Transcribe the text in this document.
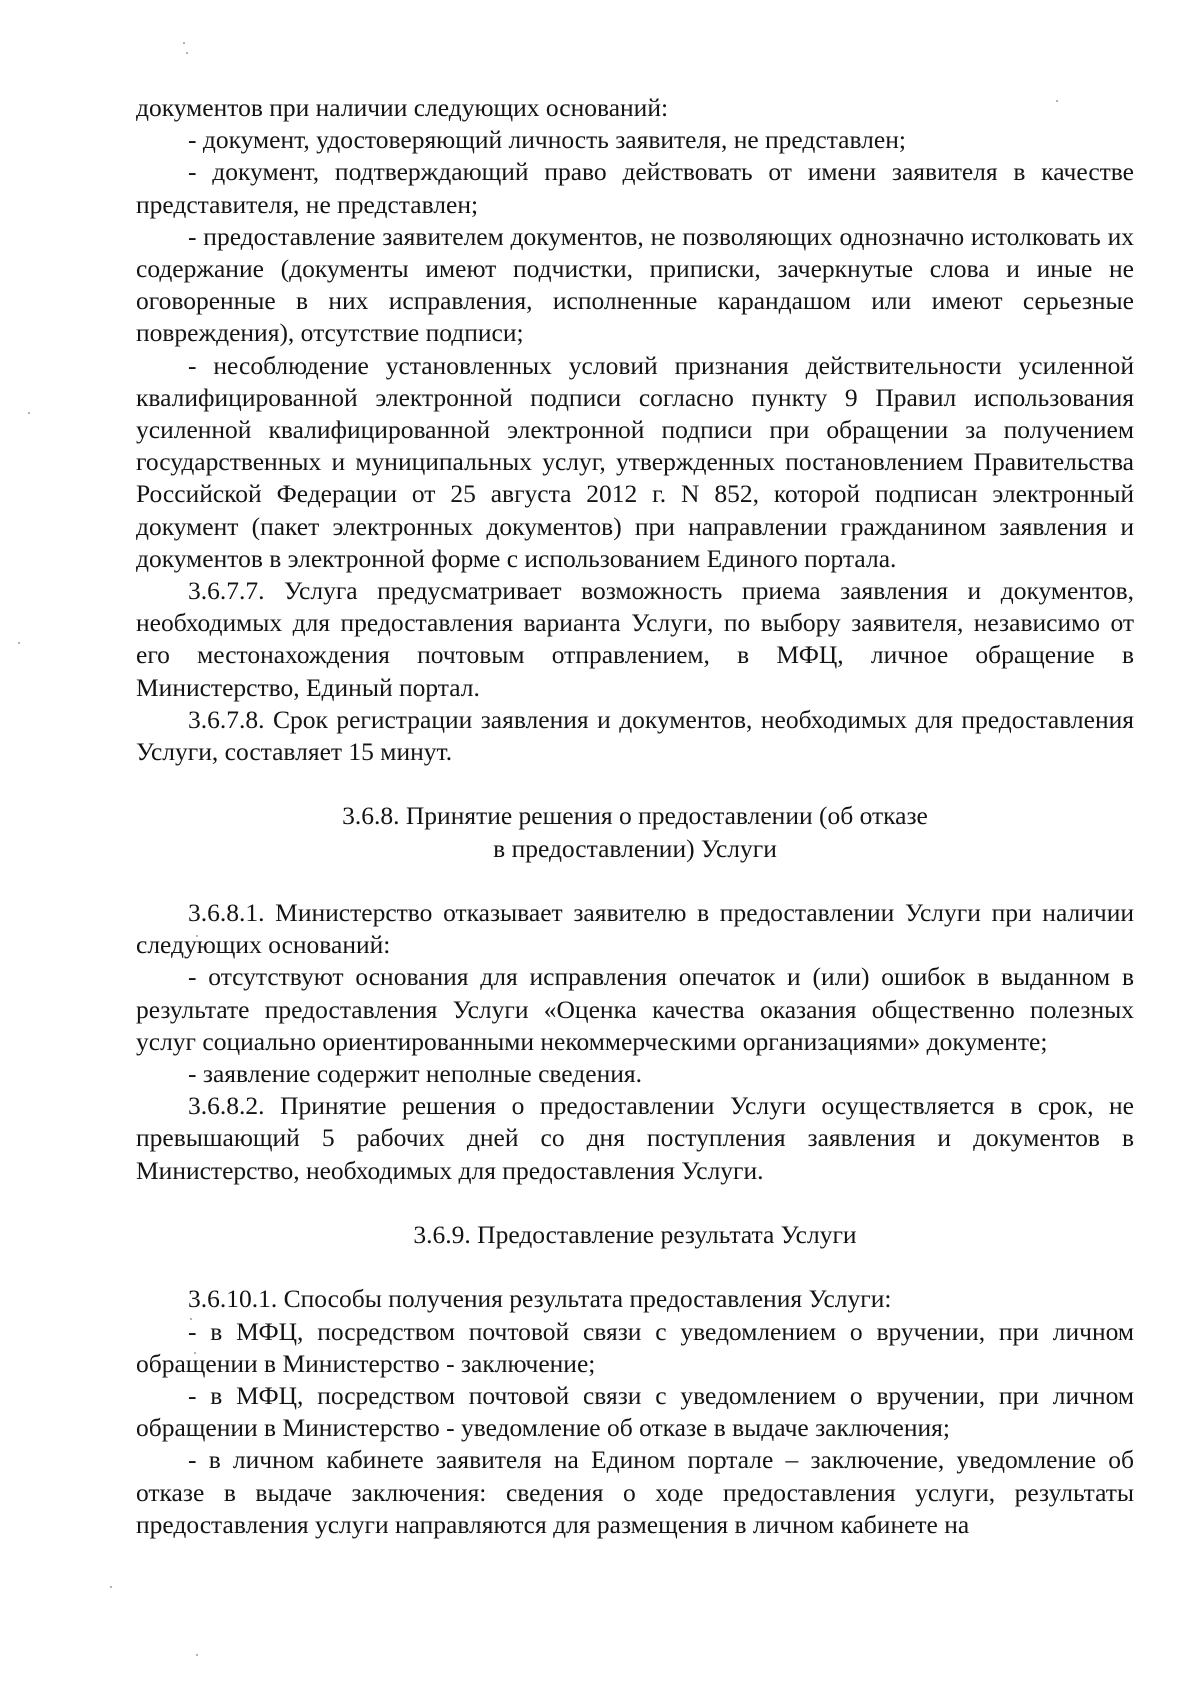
документов при наличии следующих оснований:

- документ, удостоверяющий личность заявителя, не представлен;

- документ, подтверждающий право действовать от имени заявителя в качестве представителя, не представлен;

- предоставление заявителем документов, не позволяющих однозначно истолковать их содержание (документы имеют подчистки, приписки, зачеркнутые слова и иные не оговоренные в них исправления, исполненные карандашом или имеют серьезные повреждения), отсутствие подписи;

- несоблюдение установленных условий признания действительности усиленной квалифицированной электронной подписи согласно пункту 9 Правил использования усиленной квалифицированной электронной подписи при обращении за получением государственных и муниципальных услуг, утвержденных постановлением Правительства Российской Федерации от 25 августа 2012 г. N 852, которой подписан электронный документ (пакет электронных документов) при направлении гражданином заявления и документов в электронной форме с использованием Единого портала.

3.6.7.7. Услуга предусматривает возможность приема заявления и документов, необходимых для предоставления варианта Услуги, по выбору заявителя, независимо от его местонахождения почтовым отправлением, в МФЦ, личное обращение в Министерство, Единый портал.

3.6.7.8. Срок регистрации заявления и документов, необходимых для предоставления Услуги, составляет 15 минут.

3.6.8. Принятие решения о предоставлении (об отказе

в предоставлении) Услуги

3.6.8.1. Министерство отказывает заявителю в предоставлении Услуги при наличии следующих оснований:

- отсутствуют основания для исправления опечаток и (или) ошибок в выданном в результате предоставления Услуги «Оценка качества оказания общественно полезных услуг социально ориентированными некоммерческими организациями» документе;

- заявление содержит неполные сведения.

3.6.8.2. Принятие решения о предоставлении Услуги осуществляется в срок, не превышающий 5 рабочих дней со дня поступления заявления и документов в Министерство, необходимых для предоставления Услуги.

3.6.9. Предоставление результата Услуги

3.6.10.1. Способы получения результата предоставления Услуги:

- в МФЦ, посредством почтовой связи с уведомлением о вручении, при личном обращении в Министерство - заключение;

- в МФЦ, посредством почтовой связи с уведомлением о вручении, при личном обращении в Министерство - уведомление об отказе в выдаче заключения;

- в личном кабинете заявителя на Едином портале – заключение, уведомление об отказе в выдаче заключения: сведения о ходе предоставления услуги, результаты предоставления услуги направляются для размещения в личном кабинете на
